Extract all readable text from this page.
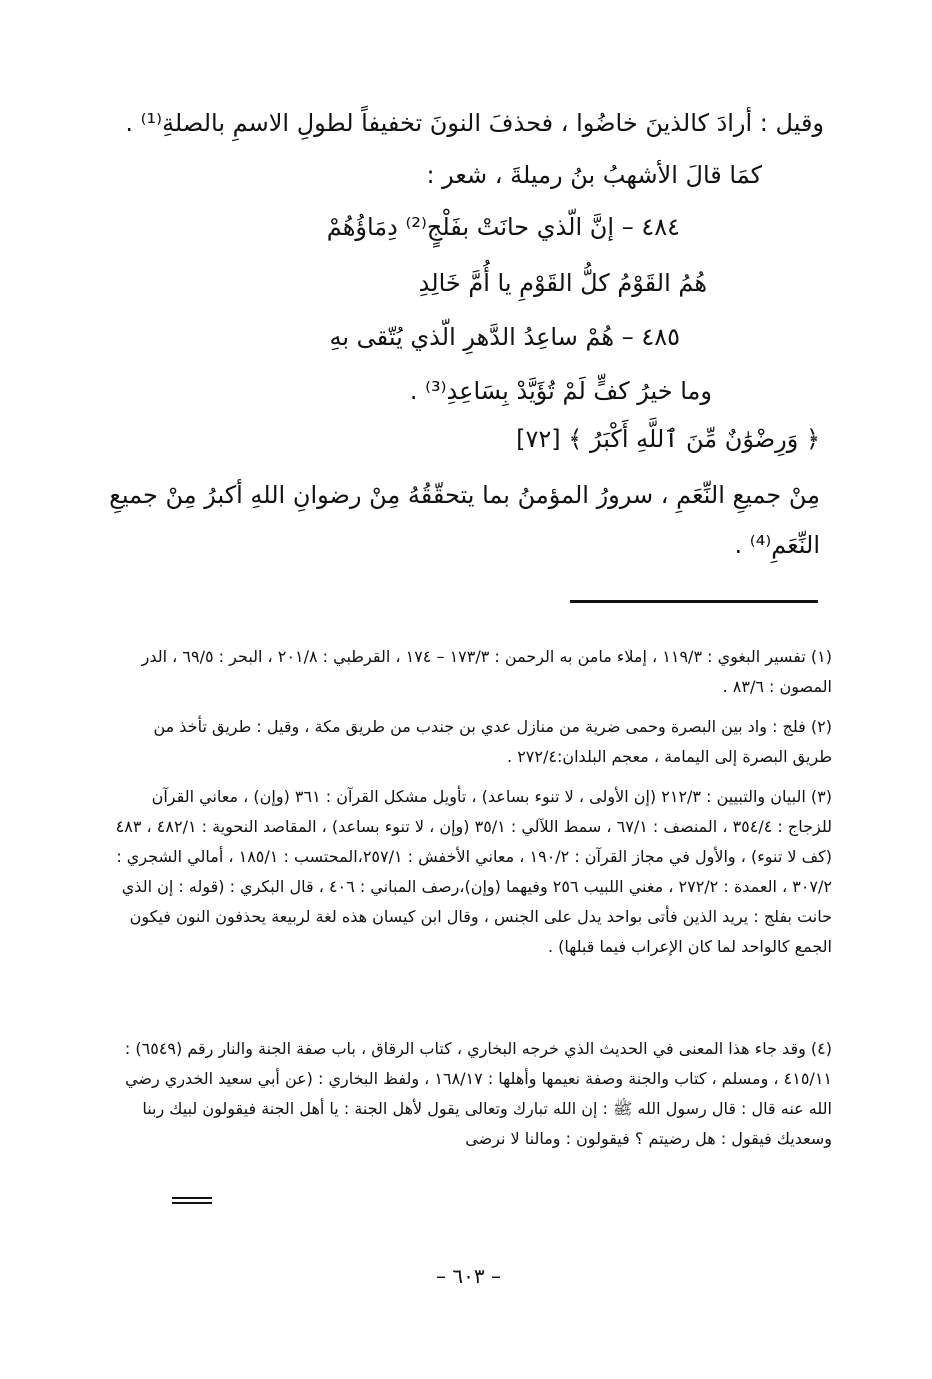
وقيل : أرادَ كالذينَ خاضُوا ، فحذفَ النونَ تخفيفاً لطولِ الاسمِ بالصلةِ⁽¹⁾ .
كمَا قالَ الأشهبُ بنُ رميلةَ ، شعر :
٤٨٤ – إنَّ الّذي حانَتْ بفَلْجٍ⁽²⁾ دِمَاؤُهُمْ
هُمُ القَوْمُ كلُّ القَوْمِ يا أُمَّ خَالِدِ
٤٨٥ – هُمْ ساعِدُ الدَّهرِ الّذي يُتّقى بهِ
وما خيرُ كفٍّ لَمْ تُؤَيَّدْ بِسَاعِدِ⁽³⁾ .
﴿ وَرِضْوَٰنٌ مِّنَ ٱللَّهِ أَكْبَرُ ﴾ [٧٢]
مِنْ جميعِ النِّعَمِ ، سرورُ المؤمنُ بما يتحقّقُهُ مِنْ رضوانِ اللهِ أكبرُ مِنْ جميعِ
النِّعَمِ⁽⁴⁾ .
(١) تفسير البغوي : ١١٩/٣ ، إملاء مامن به الرحمن : ١٧٣/٣ – ١٧٤ ، القرطبي : ٢٠١/٨ ، البحر : ٦٩/٥ ، الدر المصون : ٨٣/٦ .
(٢) فلج : واد بين البصرة وحمى ضرية من منازل عدي بن جندب من طريق مكة ، وقيل : طريق تأخذ من طريق البصرة إلى اليمامة ، معجم البلدان:٢٧٢/٤ .
(٣) البيان والتبيين : ٢١٢/٣ (إن الأولى ، لا تنوء بساعد) ، تأويل مشكل القرآن : ٣٦١ (وإن) ، معاني القرآن للزجاج : ٣٥٤/٤ ، المنصف : ٦٧/١ ، سمط اللآلي : ٣٥/١ (وإن ، لا تنوء بساعد) ، المقاصد النحوية : ٤٨٢/١ ، ٤٨٣ (كف لا تنوء) ، والأول في مجاز القرآن : ١٩٠/٢ ، معاني الأخفش : ٢٥٧/١،المحتسب : ١٨٥/١ ، أمالي الشجري : ٣٠٧/٢ ، العمدة : ٢٧٢/٢ ، مغني اللبيب ٢٥٦ وفيهما (وإن)،رصف المباني : ٤٠٦ ، قال البكري : (قوله : إن الذي حانت بفلج : يريد الذين فأتى بواحد يدل على الجنس ، وقال ابن كيسان هذه لغة لربيعة يحذفون النون فيكون الجمع كالواحد لما كان الإعراب فيما قبلها) .
(٤) وقد جاء هذا المعنى في الحديث الذي خرجه البخاري ، كتاب الرقاق ، باب صفة الجنة والنار رقم (٦٥٤٩) : ٤١٥/١١ ، ومسلم ، كتاب والجنة وصفة نعيمها وأهلها : ١٦٨/١٧ ، ولفظ البخاري : (عن أبي سعيد الخدري رضي الله عنه قال : قال رسول الله ﷺ : إن الله تبارك وتعالى يقول لأهل الجنة : يا أهل الجنة فيقولون لبيك ربنا وسعديك فيقول : هل رضيتم ؟ فيقولون : ومالنا لا نرضى
– ٦٠٣ –
